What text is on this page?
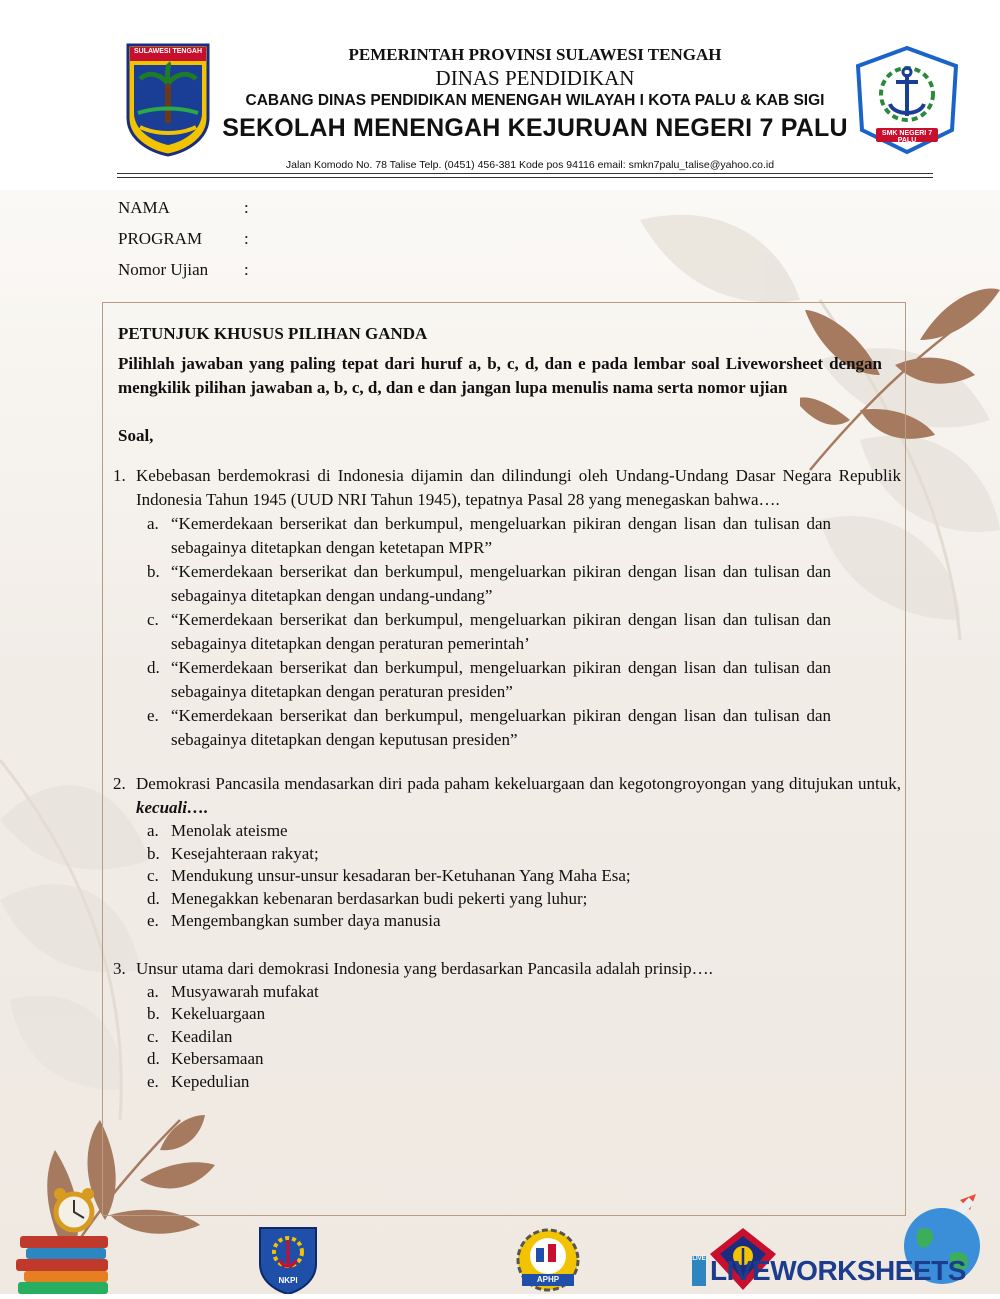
SULAWESI TENGAH	PEMERINTAH PROVINSI SULAWESI TENGAH
DINAS PENDIDIKAN
CABANG DINAS PENDIDIKAN MENENGAH WILAYAH I KOTA PALU & KAB SIGI
SEKOLAH MENENGAH KEJURUAN NEGERI 7 PALU	SMK NEGERI 7 PALU
Jalan Komodo No. 78 Talise Telp. (0451) 456-381 Kode pos 94116 email: smkn7palu_talise@yahoo.co.id
NAMA	:
PROGRAM :
Nomor Ujian :

PETUNJUK KHUSUS PILIHAN GANDA

Pilihlah jawaban yang paling tepat dari huruf a, b, c, d, dan e pada lembar soal Liveworsheet dengan mengkilik pilihan jawaban a, b, c, d, dan e dan jangan lupa menulis nama serta nomor ujian

Soal,

1. Kebebasan berdemokrasi di Indonesia dijamin dan dilindungi oleh Undang-Undang Dasar Negara Republik Indonesia Tahun 1945 (UUD NRI Tahun 1945), tepatnya Pasal 28 yang menegaskan bahwa….
a. “Kemerdekaan berserikat dan berkumpul, mengeluarkan pikiran dengan lisan dan tulisan dan sebagainya ditetapkan dengan ketetapan MPR”
b. “Kemerdekaan berserikat dan berkumpul, mengeluarkan pikiran dengan lisan dan tulisan dan sebagainya ditetapkan dengan undang-undang”
c. “Kemerdekaan berserikat dan berkumpul, mengeluarkan pikiran dengan lisan dan tulisan dan sebagainya ditetapkan dengan peraturan pemerintah’
d. “Kemerdekaan berserikat dan berkumpul, mengeluarkan pikiran dengan lisan dan tulisan dan sebagainya ditetapkan dengan peraturan presiden”
e. “Kemerdekaan berserikat dan berkumpul, mengeluarkan pikiran dengan lisan dan tulisan dan sebagainya ditetapkan dengan keputusan presiden”
2. Demokrasi Pancasila mendasarkan diri pada paham kekeluargaan dan kegotongroyongan yang ditujukan untuk, kecuali….
a. Menolak ateisme
b. Kesejahteraan rakyat;
c. Mendukung unsur-unsur kesadaran ber-Ketuhanan Yang Maha Esa;
d. Menegakkan kebenaran berdasarkan budi pekerti yang luhur;
e. Mengembangkan sumber daya manusia
3. Unsur utama dari demokrasi Indonesia yang berdasarkan Pancasila adalah prinsip….
a. Musyawarah mufakat
b. Kekeluargaan
c. Keadilan
d. Kebersamaan
e. Kepedulian
NKPI	APHP
LIVE LIVEWORKSHEETS
